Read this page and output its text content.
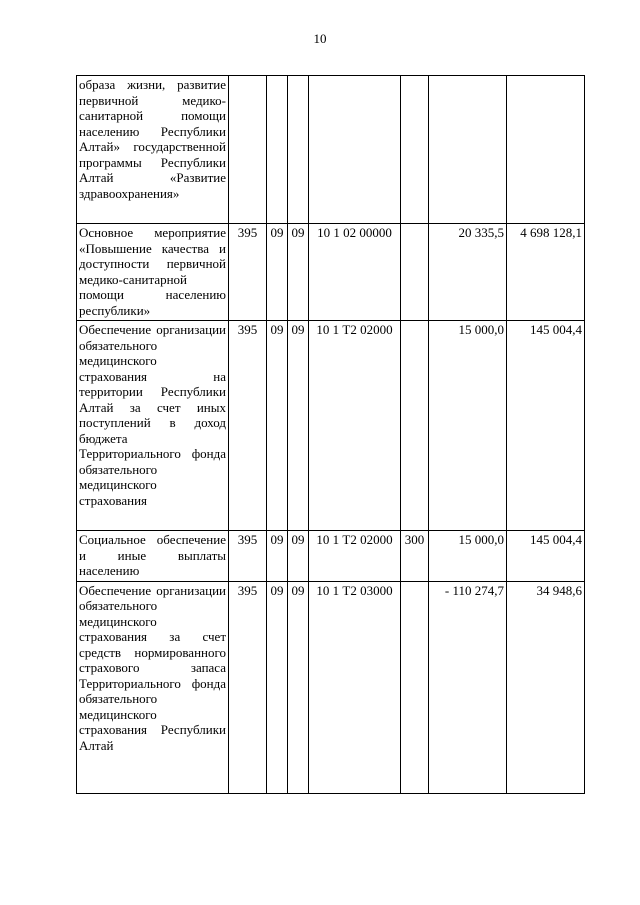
10
образа жизни, развитие первичной медико-санитарной помощи населению Республики Алтай» государственной программы Республики Алтай «Развитие здравоохранения»							
Основное мероприятие «Повышение качества и доступности первичной медико-санитарной помощи населению республики»	395	09	09	10 1 02 00000		20 335,5	4 698 128,1
Обеспечение организации обязательного медицинского страхования на территории Республики Алтай за счет иных поступлений в доход бюджета Территориального фонда обязательного медицинского страхования	395	09	09	10 1 Т2 02000		15 000,0	145 004,4
Социальное обеспечение и иные выплаты населению	395	09	09	10 1 Т2 02000	300	15 000,0	145 004,4
Обеспечение организации обязательного медицинского страхования за счет средств нормированного страхового запаса Территориального фонда обязательного медицинского страхования Республики Алтай	395	09	09	10 1 Т2 03000		- 110 274,7	34 948,6
